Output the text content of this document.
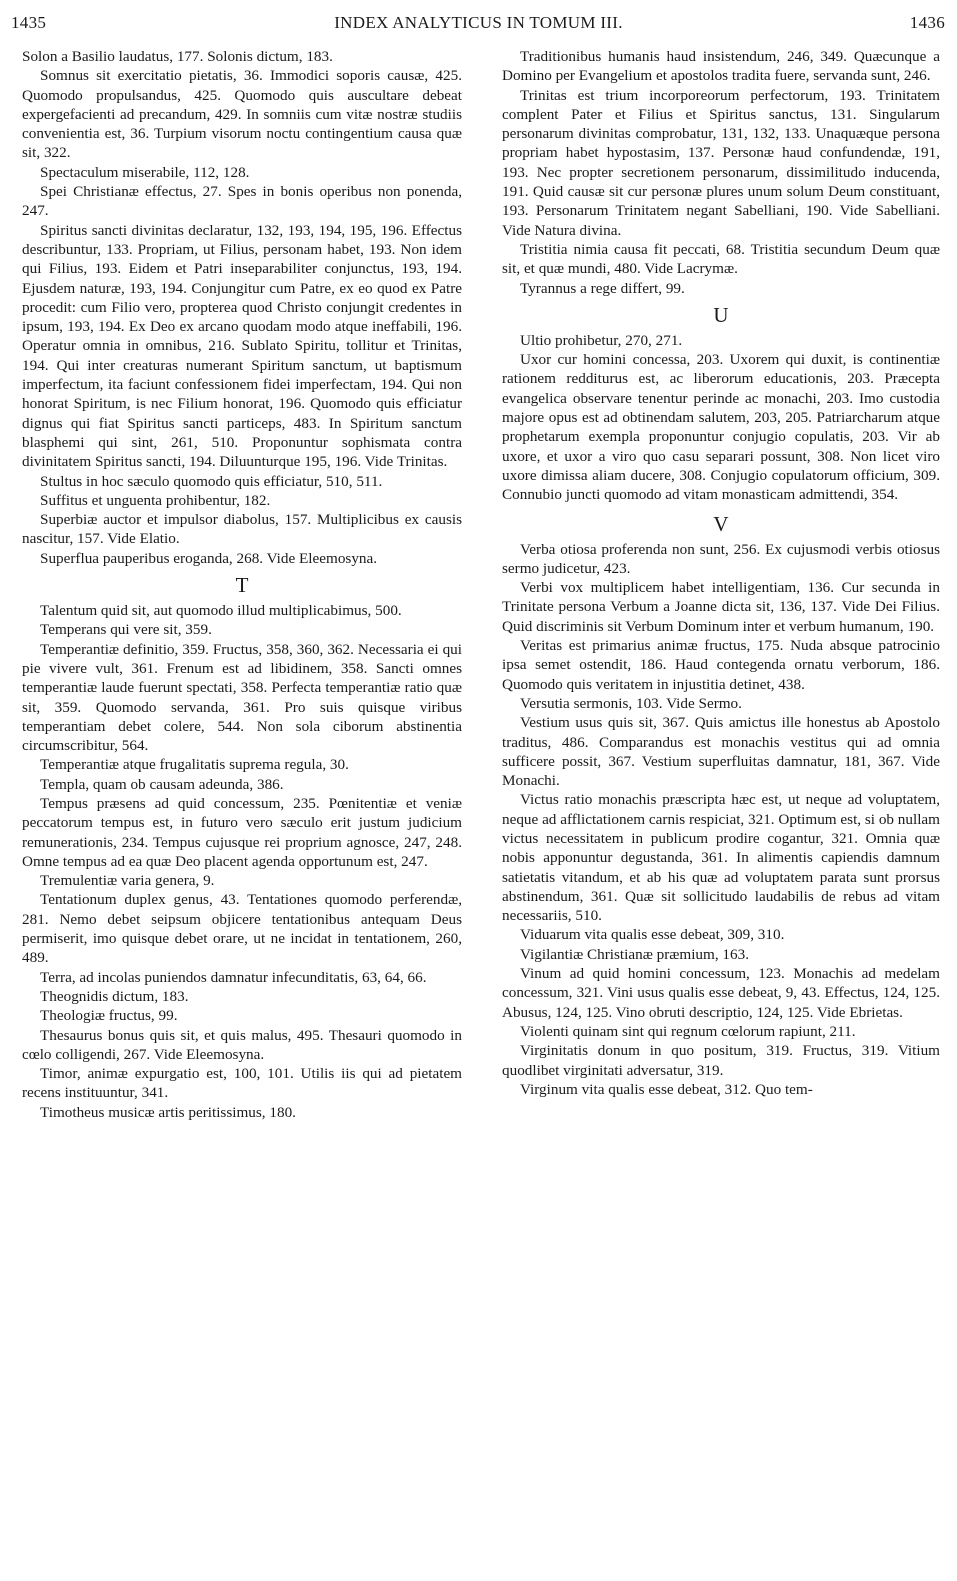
1435	INDEX ANALYTICUS IN TOMUM III.	1436

Solon a Basilio laudatus, 177. Solonis dictum, 183.

Somnus sit exercitatio pietatis, 36. Immodici soporis causæ, 425. Quomodo propulsandus, 425. Quomodo quis auscultare debeat expergefacienti ad precandum, 429. In somniis cum vitæ nostræ studiis convenientia est, 36. Turpium visorum noctu contingentium causa quæ sit, 322.

Spectaculum miserabile, 112, 128.

Spei Christianæ effectus, 27. Spes in bonis operibus non ponenda, 247.

Spiritus sancti divinitas declaratur, 132, 193, 194, 195, 196. Effectus describuntur, 133. Propriam, ut Filius, personam habet, 193. Non idem qui Filius, 193. Eidem et Patri inseparabiliter conjunctus, 193, 194. Ejusdem naturæ, 193, 194. Conjungitur cum Patre, ex eo quod ex Patre procedit: cum Filio vero, propterea quod Christo conjungit credentes in ipsum, 193, 194. Ex Deo ex arcano quodam modo atque ineffabili, 196. Operatur omnia in omnibus, 216. Sublato Spiritu, tollitur et Trinitas, 194. Qui inter creaturas numerant Spiritum sanctum, ut baptismum imperfectum, ita faciunt confessionem fidei imperfectam, 194. Qui non honorat Spiritum, is nec Filium honorat, 196. Quomodo quis efficiatur dignus qui fiat Spiritus sancti particeps, 483. In Spiritum sanctum blasphemi qui sint, 261, 510. Proponuntur sophismata contra divinitatem Spiritus sancti, 194. Diluunturque 195, 196. Vide Trinitas.

Stultus in hoc sæculo quomodo quis efficiatur, 510, 511.

Suffitus et unguenta prohibentur, 182.

Superbiæ auctor et impulsor diabolus, 157. Multiplicibus ex causis nascitur, 157. Vide Elatio.

Superflua pauperibus eroganda, 268. Vide Eleemosyna.

T

Talentum quid sit, aut quomodo illud multiplicabimus, 500.

Temperans qui vere sit, 359.

Temperantiæ definitio, 359. Fructus, 358, 360, 362. Necessaria ei qui pie vivere vult, 361. Frenum est ad libidinem, 358. Sancti omnes temperantiæ laude fuerunt spectati, 358. Perfecta temperantiæ ratio quæ sit, 359. Quomodo servanda, 361. Pro suis quisque viribus temperantiam debet colere, 544. Non sola ciborum abstinentia circumscribitur, 564.

Temperantiæ atque frugalitatis suprema regula, 30.

Templa, quam ob causam adeunda, 386.

Tempus præsens ad quid concessum, 235. Pœnitentiæ et veniæ peccatorum tempus est, in futuro vero sæculo erit justum judicium remunerationis, 234. Tempus cujusque rei proprium agnosce, 247, 248. Omne tempus ad ea quæ Deo placent agenda opportunum est, 247.

Tremulentiæ varia genera, 9.

Tentationum duplex genus, 43. Tentationes quomodo perferendæ, 281. Nemo debet seipsum objicere tentationibus antequam Deus permiserit, imo quisque debet orare, ut ne incidat in tentationem, 260, 489.

Terra, ad incolas puniendos damnatur infecunditatis, 63, 64, 66.

Theognidis dictum, 183.

Theologiæ fructus, 99.

Thesaurus bonus quis sit, et quis malus, 495. Thesauri quomodo in cœlo colligendi, 267. Vide Eleemosyna.

Timor, animæ expurgatio est, 100, 101. Utilis iis qui ad pietatem recens instituuntur, 341.

Timotheus musicæ artis peritissimus, 180.

Traditionibus humanis haud insistendum, 246, 349. Quæcunque a Domino per Evangelium et apostolos tradita fuere, servanda sunt, 246.

Trinitas est trium incorporeorum perfectorum, 193. Trinitatem complent Pater et Filius et Spiritus sanctus, 131. Singularum personarum divinitas comprobatur, 131, 132, 133. Unaquæque persona propriam habet hypostasim, 137. Personæ haud confundendæ, 191, 193. Nec propter secretionem personarum, dissimilitudo inducenda, 191. Quid causæ sit cur personæ plures unum solum Deum constituant, 193. Personarum Trinitatem negant Sabelliani, 190. Vide Sabelliani. Vide Natura divina.

Tristitia nimia causa fit peccati, 68. Tristitia secundum Deum quæ sit, et quæ mundi, 480. Vide Lacrymæ.

Tyrannus a rege differt, 99.

U

Ultio prohibetur, 270, 271.

Uxor cur homini concessa, 203. Uxorem qui duxit, is continentiæ rationem redditurus est, ac liberorum educationis, 203. Præcepta evangelica observare tenentur perinde ac monachi, 203. Imo custodia majore opus est ad obtinendam salutem, 203, 205. Patriarcharum atque prophetarum exempla proponuntur conjugio copulatis, 203. Vir ab uxore, et uxor a viro quo casu separari possunt, 308. Non licet viro uxore dimissa aliam ducere, 308. Conjugio copulatorum officium, 309. Connubio juncti quomodo ad vitam monasticam admittendi, 354.

V

Verba otiosa proferenda non sunt, 256. Ex cujusmodi verbis otiosus sermo judicetur, 423.

Verbi vox multiplicem habet intelligentiam, 136. Cur secunda in Trinitate persona Verbum a Joanne dicta sit, 136, 137. Vide Dei Filius. Quid discriminis sit Verbum Dominum inter et verbum humanum, 190.

Veritas est primarius animæ fructus, 175. Nuda absque patrocinio ipsa semet ostendit, 186. Haud contegenda ornatu verborum, 186. Quomodo quis veritatem in injustitia detinet, 438.

Versutia sermonis, 103. Vide Sermo.

Vestium usus quis sit, 367. Quis amictus ille honestus ab Apostolo traditus, 486. Comparandus est monachis vestitus qui ad omnia sufficere possit, 367. Vestium superfluitas damnatur, 181, 367. Vide Monachi.

Victus ratio monachis præscripta hæc est, ut neque ad voluptatem, neque ad afflictationem carnis respiciat, 321. Optimum est, si ob nullam victus necessitatem in publicum prodire cogantur, 321. Omnia quæ nobis apponuntur degustanda, 361. In alimentis capiendis damnum satietatis vitandum, et ab his quæ ad voluptatem parata sunt prorsus abstinendum, 361. Quæ sit sollicitudo laudabilis de rebus ad vitam necessariis, 510.

Viduarum vita qualis esse debeat, 309, 310.

Vigilantiæ Christianæ præmium, 163.

Vinum ad quid homini concessum, 123. Monachis ad medelam concessum, 321. Vini usus qualis esse debeat, 9, 43. Effectus, 124, 125. Abusus, 124, 125. Vino obruti descriptio, 124, 125. Vide Ebrietas.

Violenti quinam sint qui regnum cœlorum rapiunt, 211.

Virginitatis donum in quo positum, 319. Fructus, 319. Vitium quodlibet virginitati adversatur, 319.

Virginum vita qualis esse debeat, 312. Quo tem-
